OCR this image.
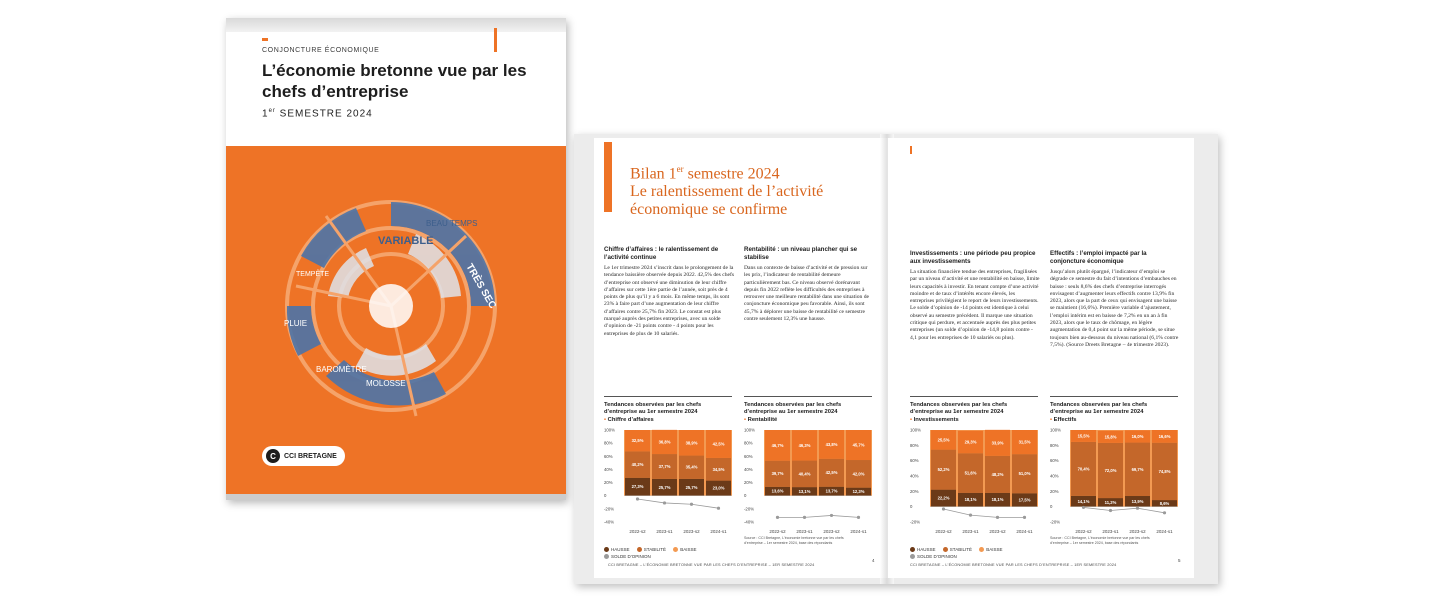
CONJONCTURE ÉCONOMIQUE
L’économie bretonne vue par les chefs d’entreprise
1er SEMESTRE 2024
VARIABLE
BEAU TEMPS
TRÈS SEC
BAROMÈTRE
MOLOSSE
PLUIE
TEMPÊTE
C	CCI BRETAGNE
Bilan 1er semestre 2024
Le ralentissement de l’activité
économique se confirme
Chiffre d’affaires : le ralentissement de l’activité continue

Le 1er trimestre 2024 s’inscrit dans le prolongement de la tendance baissière observée depuis 2022. 42,5% des chefs d’entreprise ont observé une diminution de leur chiffre d’affaires sur cette 1ère partie de l’année, soit près de 4 points de plus qu’il y a 6 mois. En même temps, ils sont 23% à faire part d’une augmentation de leur chiffre d’affaires contre 25,7% fin 2023. Le constat est plus marqué auprès des petites entreprises, avec un solde d’opinion de -21 points contre - 4 points pour les entreprises de plus de 10 salariés.

Rentabilité : un niveau plancher qui se stabilise

Dans un contexte de baisse d’activité et de pression sur les prix, l’indicateur de rentabilité demeure particulièrement bas. Ce niveau observé dorénavant depuis fin 2022 reflète les difficultés des entreprises à retrouver une meilleure rentabilité dans une situation de conjoncture économique peu favorable. Ainsi, ils sont 45,7% à déplorer une baisse de rentabilité ce semestre contre seulement 12,3% une hausse.

Tendances observées par les chefs d’entreprise au 1er semestre 2024
• Chiffre d’affaires
100%
80%
60%
40%
20%
0
-20%
-40%
32,5%
40,2%
27,3%
2022-s2
36,8%
37,7%
25,7%
2023-s1
38,9%
35,4%
25,7%
2023-s2
42,5%
34,5%
23,0%
2024-s1
Tendances observées par les chefs d’entreprise au 1er semestre 2024
• Rentabilité
100%
80%
60%
40%
20%
0
-20%
-40%
46,7%
39,7%
13,6%
2022-s2
46,3%
40,4%
13,1%
2023-s1
43,8%
42,5%
13,7%
2023-s2
45,7%
42,0%
12,3%
2024-s1
Source : CCI Bretagne, L’économie bretonne vue par les chefs d’entreprise – 1er semestre 2024, base des répondants
HAUSSE	STABILITÉ	BAISSE
SOLDE D’OPINION
CCI BRETAGNE – L’ÉCONOMIE BRETONNE VUE PAR LES CHEFS D’ENTREPRISE – 1ER SEMESTRE 2024
4
Investissements : une période peu propice aux investissements

La situation financière tendue des entreprises, fragilisées par un niveau d’activité et une rentabilité en baisse, limite leurs capacités à investir. En tenant compte d’une activité moindre et de taux d’intérêts encore élevés, les entreprises privilégient le report de leurs investissements. Le solde d’opinion de -14 points est identique à celui observé au semestre précédent. Il marque une situation critique qui perdure, et accentuée auprès des plus petites entreprises (un solde d’opinion de -14,8 points contre - 4,1 pour les entreprises de 10 salariés ou plus).

Effectifs : l’emploi impacté par la conjoncture économique

Jusqu’alors plutôt épargné, l’indicateur d’emploi se dégrade ce semestre du fait d’intentions d’embauches en baisse : seuls 8,6% des chefs d’entreprise interrogés envisagent d’augmenter leurs effectifs contre 13,9% fin 2023, alors que la part de ceux qui envisagent une baisse se maintient (16,6%). Première variable d’ajustement, l’emploi intérim est en baisse de 7,2% en un an à fin 2023, alors que le taux de chômage, en légère augmentation de 0,4 point sur la même période, se situe toujours bien au-dessous du niveau national (6,1% contre 7,5%). (Source Dreets Bretagne – 4e trimestre 2023).

Tendances observées par les chefs d’entreprise au 1er semestre 2024
• Investissements
100%
80%
60%
40%
20%
0
-20%
25,5%
52,2%
22,2%
2022-s2
29,3%
51,6%
18,1%
2023-s1
33,9%
48,2%
18,1%
2023-s2
31,5%
51,0%
17,5%
2024-s1
Tendances observées par les chefs d’entreprise au 1er semestre 2024
• Effectifs
100%
80%
60%
40%
20%
0
-20%
15,5%
70,4%
14,1%
2022-s2
15,8%
72,0%
11,2%
2023-s1
16,0%
69,7%
13,9%
2023-s2
16,6%
74,8%
8,6%
2024-s1
Source : CCI Bretagne, L’économie bretonne vue par les chefs d’entreprise – 1er semestre 2024, base des répondants
HAUSSE	STABILITÉ	BAISSE
SOLDE D’OPINION
CCI BRETAGNE – L’ÉCONOMIE BRETONNE VUE PAR LES CHEFS D’ENTREPRISE – 1ER SEMESTRE 2024
5
